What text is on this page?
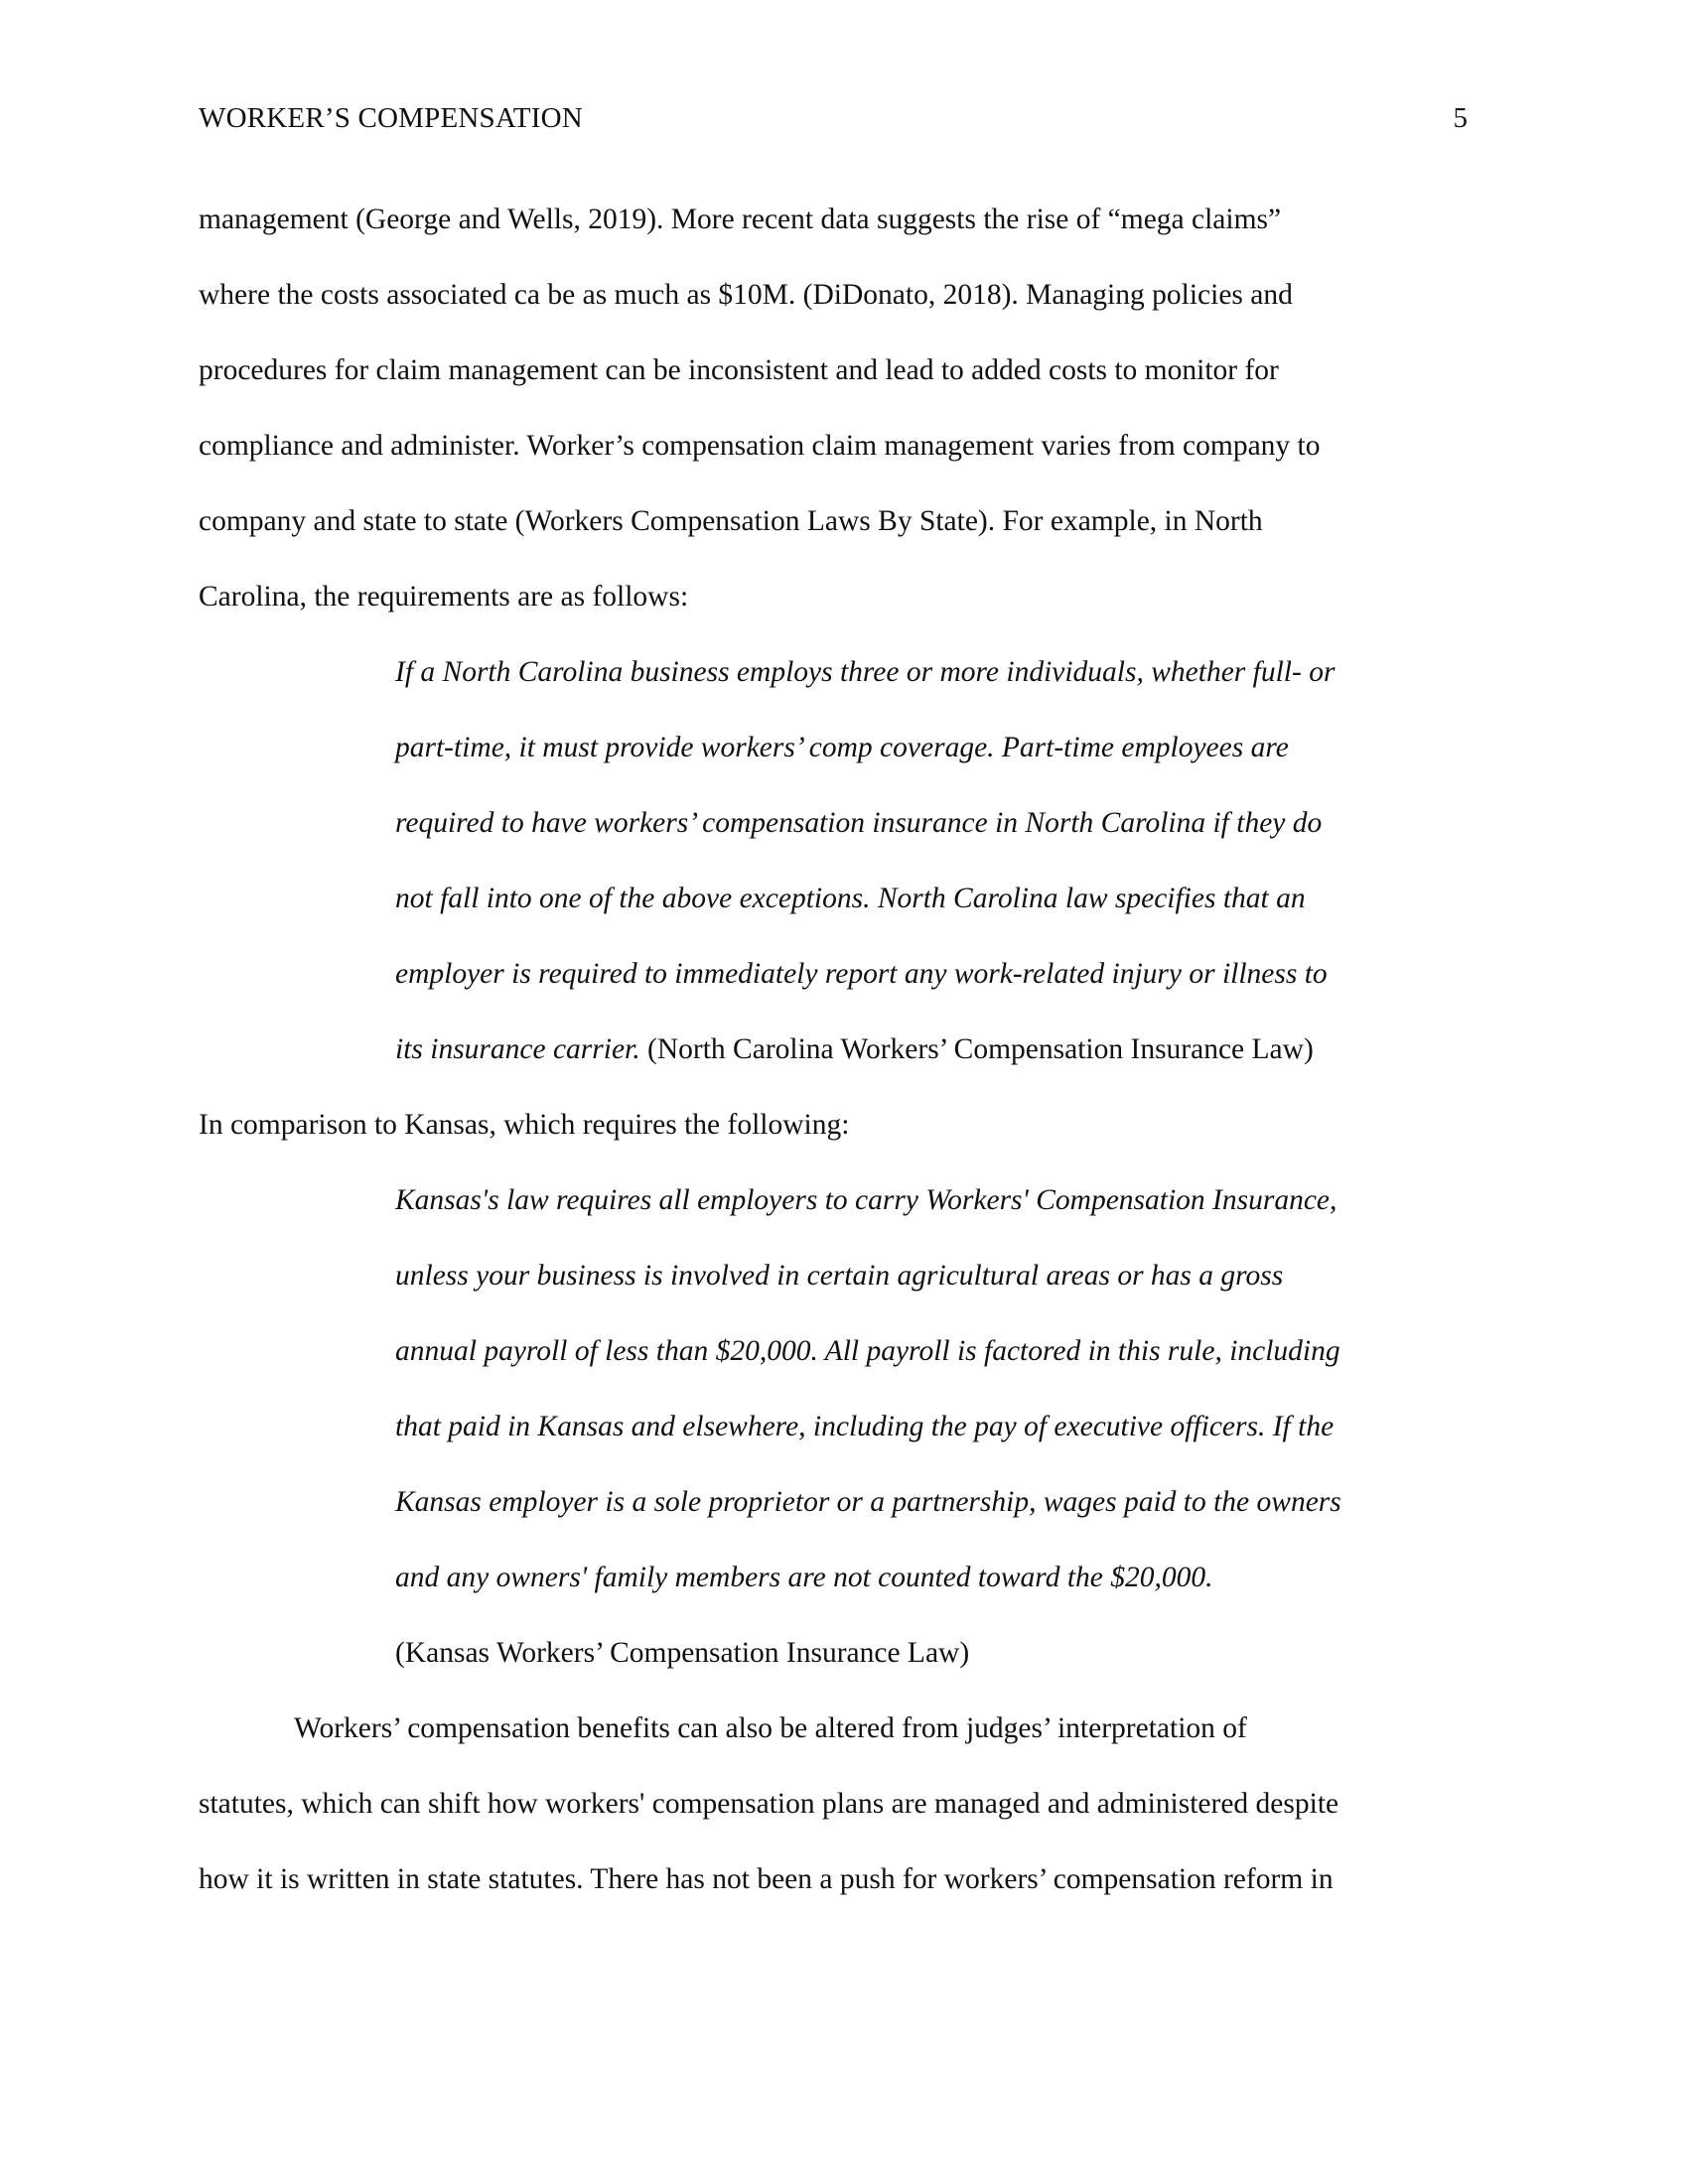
WORKER’S COMPENSATION	5
management (George and Wells, 2019). More recent data suggests the rise of “mega claims”
where the costs associated ca be as much as $10M. (DiDonato, 2018). Managing policies and
procedures for claim management can be inconsistent and lead to added costs to monitor for
compliance and administer. Worker’s compensation claim management varies from company to
company and state to state (Workers Compensation Laws By State). For example, in North
Carolina, the requirements are as follows:
If a North Carolina business employs three or more individuals, whether full- or
part-time, it must provide workers’ comp coverage. Part-time employees are
required to have workers’ compensation insurance in North Carolina if they do
not fall into one of the above exceptions. North Carolina law specifies that an
employer is required to immediately report any work-related injury or illness to
its insurance carrier. (North Carolina Workers’ Compensation Insurance Law)
In comparison to Kansas, which requires the following:
Kansas's law requires all employers to carry Workers' Compensation Insurance,
unless your business is involved in certain agricultural areas or has a gross
annual payroll of less than $20,000. All payroll is factored in this rule, including
that paid in Kansas and elsewhere, including the pay of executive officers. If the
Kansas employer is a sole proprietor or a partnership, wages paid to the owners
and any owners' family members are not counted toward the $20,000.
(Kansas Workers’ Compensation Insurance Law)
Workers’ compensation benefits can also be altered from judges’ interpretation of
statutes, which can shift how workers' compensation plans are managed and administered despite
how it is written in state statutes. There has not been a push for workers’ compensation reform in
